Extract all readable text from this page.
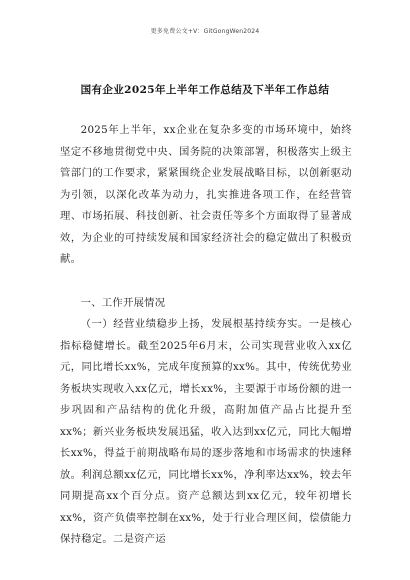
更多免费公文+V：GitGongWen2024
国有企业2025年上半年工作总结及下半年工作总结

2025年上半年，xx企业在复杂多变的市场环境中，始终坚定不移地贯彻党中央、国务院的决策部署，积极落实上级主管部门的工作要求，紧紧围绕企业发展战略目标，以创新驱动为引领，以深化改革为动力，扎实推进各项工作，在经营管理、市场拓展、科技创新、社会责任等多个方面取得了显著成效，为企业的可持续发展和国家经济社会的稳定做出了积极贡献。

一、工作开展情况

（一）经营业绩稳步上扬，发展根基持续夯实。一是核心指标稳健增长。截至2025年6月末，公司实现营业收入xx亿元，同比增长xx%，完成年度预算的xx%。其中，传统优势业务板块实现收入xx亿元，增长xx%，主要源于市场份额的进一步巩固和产品结构的优化升级，高附加值产品占比提升至xx%；新兴业务板块发展迅猛，收入达到xx亿元，同比大幅增长xx%，得益于前期战略布局的逐步落地和市场需求的快速释放。利润总额xx亿元，同比增长xx%，净利率达xx%，较去年同期提高xx个百分点。资产总额达到xx亿元，较年初增长xx%，资产负债率控制在xx%，处于行业合理区间，偿债能力保持稳定。二是资产运
